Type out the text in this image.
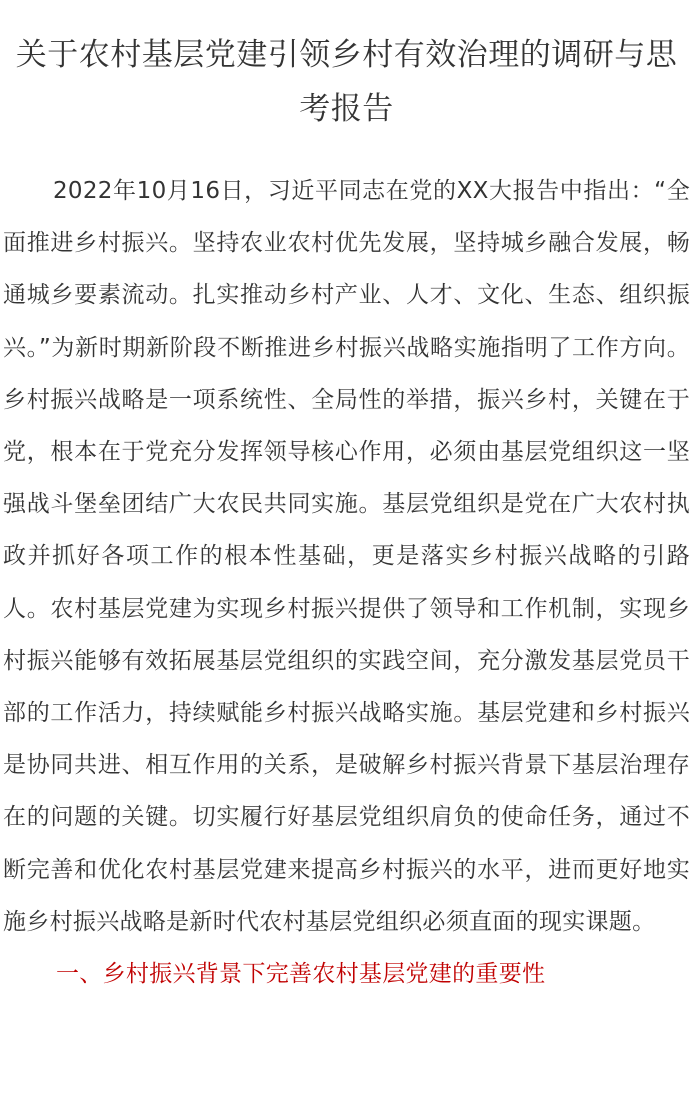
关于农村基层党建引领乡村有效治理的调研与思考报告

2022年10月16日，习近平同志在党的XX大报告中指出：“全面推进乡村振兴。坚持农业农村优先发展，坚持城乡融合发展，畅通城乡要素流动。扎实推动乡村产业、人才、文化、生态、组织振兴。”为新时期新阶段不断推进乡村振兴战略实施指明了工作方向。乡村振兴战略是一项系统性、全局性的举措，振兴乡村，关键在于党，根本在于党充分发挥领导核心作用，必须由基层党组织这一坚强战斗堡垒团结广大农民共同实施。基层党组织是党在广大农村执政并抓好各项工作的根本性基础，更是落实乡村振兴战略的引路人。农村基层党建为实现乡村振兴提供了领导和工作机制，实现乡村振兴能够有效拓展基层党组织的实践空间，充分激发基层党员干部的工作活力，持续赋能乡村振兴战略实施。基层党建和乡村振兴是协同共进、相互作用的关系，是破解乡村振兴背景下基层治理存在的问题的关键。切实履行好基层党组织肩负的使命任务，通过不断完善和优化农村基层党建来提高乡村振兴的水平，进而更好地实施乡村振兴战略是新时代农村基层党组织必须直面的现实课题。

一、乡村振兴背景下完善农村基层党建的重要性
